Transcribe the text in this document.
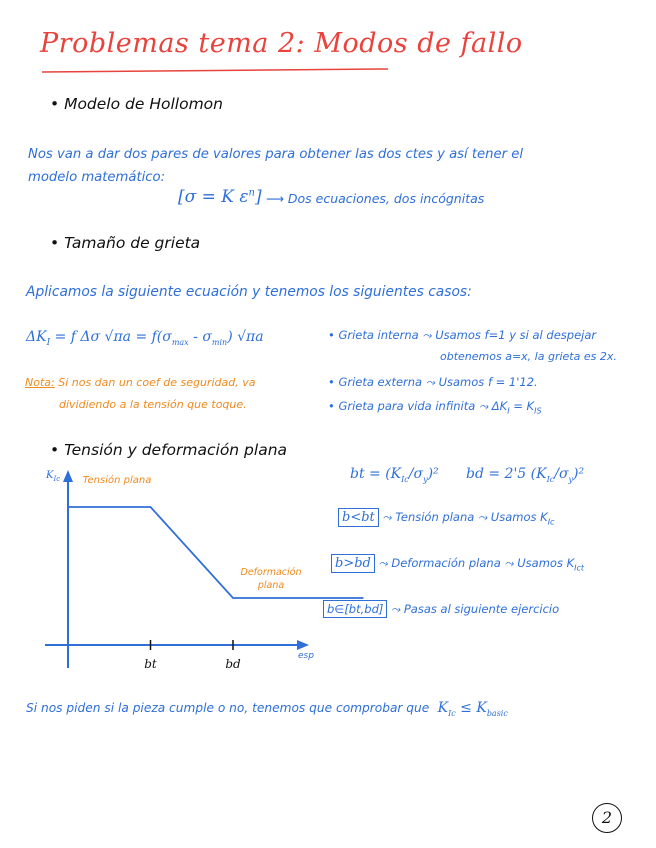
Problemas tema 2: Modos de fallo
• Modelo de Hollomon
Nos van a dar dos pares de valores para obtener las dos ctes y así tener el
modelo matemático:
[σ = K $\varepsilon^n$] ⟶ Dos ecuaciones, dos incógnitas
• Tamaño de grieta
Aplicamos la siguiente ecuación y tenemos los siguientes casos:
$\Delta K_I = f$ Δσ $√\pi a = f(\sigma_{max} - \sigma_{min})$ √πa
Nota: Si nos dan un coef de seguridad, va
dividiendo a la tensión que toque.
• Grieta interna ⤳ Usamos f=1 y si al despejar
obtenemos a=x, la grieta es 2x.
• Grieta externa ⤳ Usamos f = 1'12.
• Grieta para vida infinita ⤳ $\Delta K_I = K_{IS}$
• Tensión y deformación plana
bt	bd
$K_{Ic}$
esp
Tensión plana
Deformación plana
bt = $(K_{Ic}/\sigma_y)^2$ bd = 2'5 $(K_{Ic}/\sigma_y)^2$
b<bt ⤳ Tensión plana ⤳ Usamos $K_{Ic}$
b>bd ⤳ Deformación plana ⤳ Usamos $K_{Ict}$
b∈[bt,bd] ⤳ Pasas al siguiente ejercicio
Si nos piden si la pieza cumple o no, tenemos que comprobar que $K_{Ic} \le K_{basic}$
2
